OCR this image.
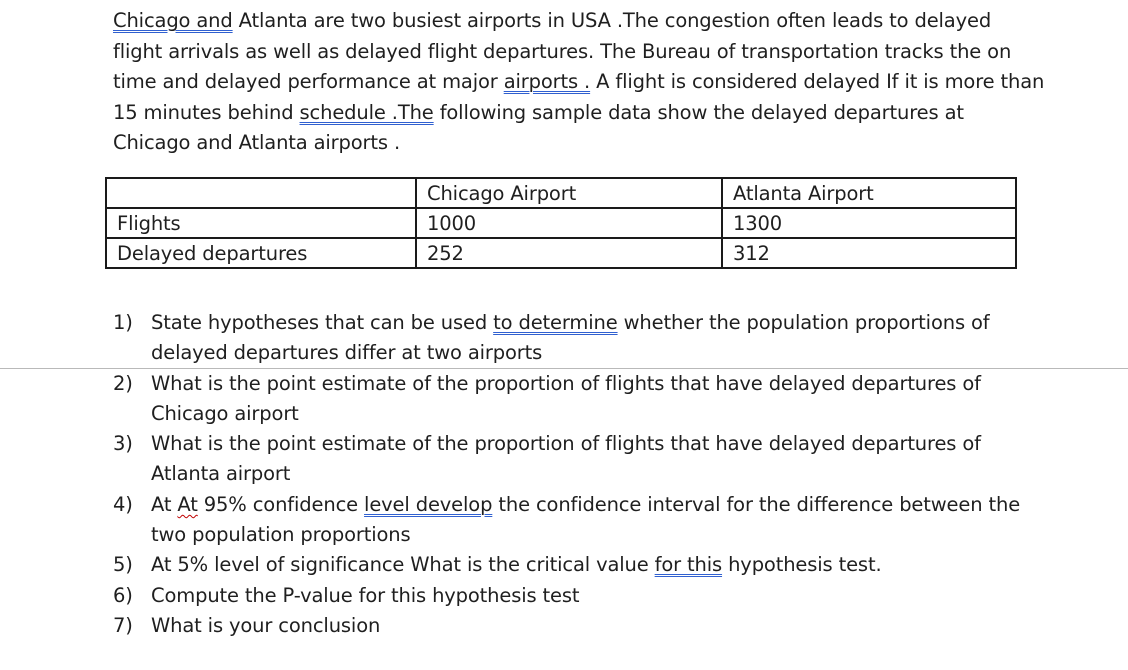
Chicago and Atlanta are two busiest airports in USA .The congestion often leads to delayed
flight arrivals as well as delayed flight departures. The Bureau of transportation tracks the on
time and delayed performance at major airports . A flight is considered delayed If it is more than
15 minutes behind schedule .The following sample data show the delayed departures at
Chicago and Atlanta airports .
	Chicago Airport	Atlanta Airport
Flights	1000	1300
Delayed departures	252	312
1) State hypotheses that can be used to determine whether the population proportions of
delayed departures differ at two airports
2) What is the point estimate of the proportion of flights that have delayed departures of
Chicago airport
3) What is the point estimate of the proportion of flights that have delayed departures of
Atlanta airport
4) At At 95% confidence level develop the confidence interval for the difference between the
two population proportions
5) At 5% level of significance What is the critical value for this hypothesis test.
6) Compute the P-value for this hypothesis test
7) What is your conclusion
